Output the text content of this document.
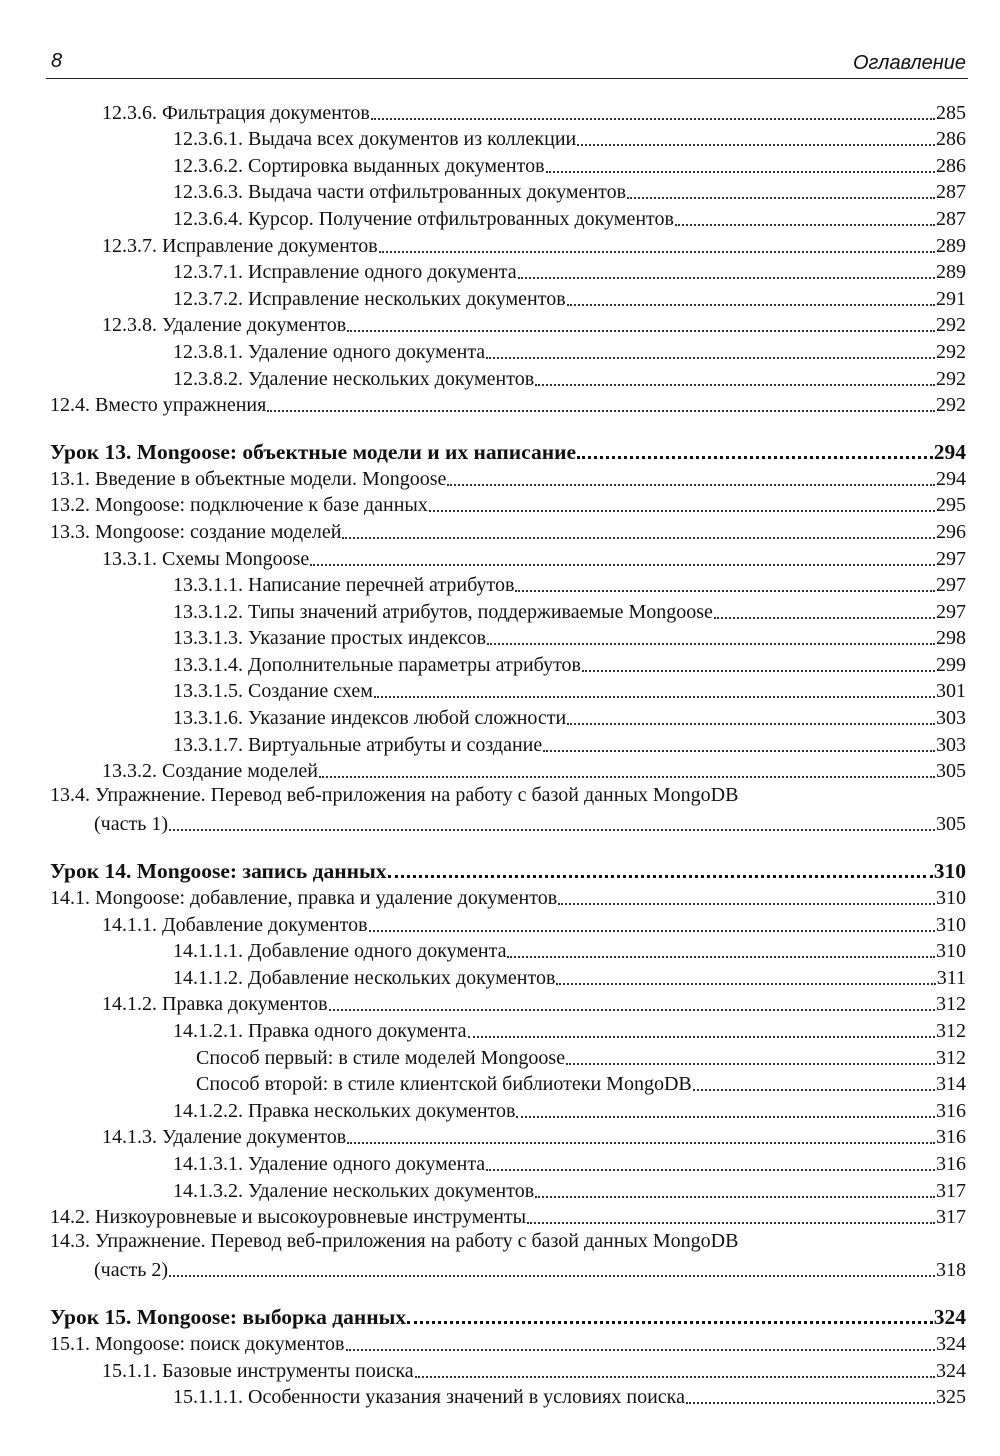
8	Оглавление
12.3.6. Фильтрация документов	285
12.3.6.1. Выдача всех документов из коллекции	286
12.3.6.2. Сортировка выданных документов	286
12.3.6.3. Выдача части отфильтрованных документов	287
12.3.6.4. Курсор. Получение отфильтрованных документов	287
12.3.7. Исправление документов	289
12.3.7.1. Исправление одного документа	289
12.3.7.2. Исправление нескольких документов	291
12.3.8. Удаление документов	292
12.3.8.1. Удаление одного документа	292
12.3.8.2. Удаление нескольких документов	292
12.4. Вместо упражнения	292
Урок 13. Mongoose: объектные модели и их написание	294
13.1. Введение в объектные модели. Mongoose	294
13.2. Mongoose: подключение к базе данных	295
13.3. Mongoose: создание моделей	296
13.3.1. Схемы Mongoose	297
13.3.1.1. Написание перечней атрибутов	297
13.3.1.2. Типы значений атрибутов, поддерживаемые Mongoose	297
13.3.1.3. Указание простых индексов	298
13.3.1.4. Дополнительные параметры атрибутов	299
13.3.1.5. Создание схем	301
13.3.1.6. Указание индексов любой сложности	303
13.3.1.7. Виртуальные атрибуты и создание	303
13.3.2. Создание моделей	305
13.4. Упражнение. Перевод веб-приложения на работу с базой данных MongoDB
(часть 1)	305
Урок 14. Mongoose: запись данных	310
14.1. Mongoose: добавление, правка и удаление документов	310
14.1.1. Добавление документов	310
14.1.1.1. Добавление одного документа	310
14.1.1.2. Добавление нескольких документов	311
14.1.2. Правка документов	312
14.1.2.1. Правка одного документа	312
Способ первый: в стиле моделей Mongoose	312
Способ второй: в стиле клиентской библиотеки MongoDB	314
14.1.2.2. Правка нескольких документов	316
14.1.3. Удаление документов	316
14.1.3.1. Удаление одного документа	316
14.1.3.2. Удаление нескольких документов	317
14.2. Низкоуровневые и высокоуровневые инструменты	317
14.3. Упражнение. Перевод веб-приложения на работу с базой данных MongoDB
(часть 2)	318
Урок 15. Mongoose: выборка данных	324
15.1. Mongoose: поиск документов	324
15.1.1. Базовые инструменты поиска	324
15.1.1.1. Особенности указания значений в условиях поиска	325
